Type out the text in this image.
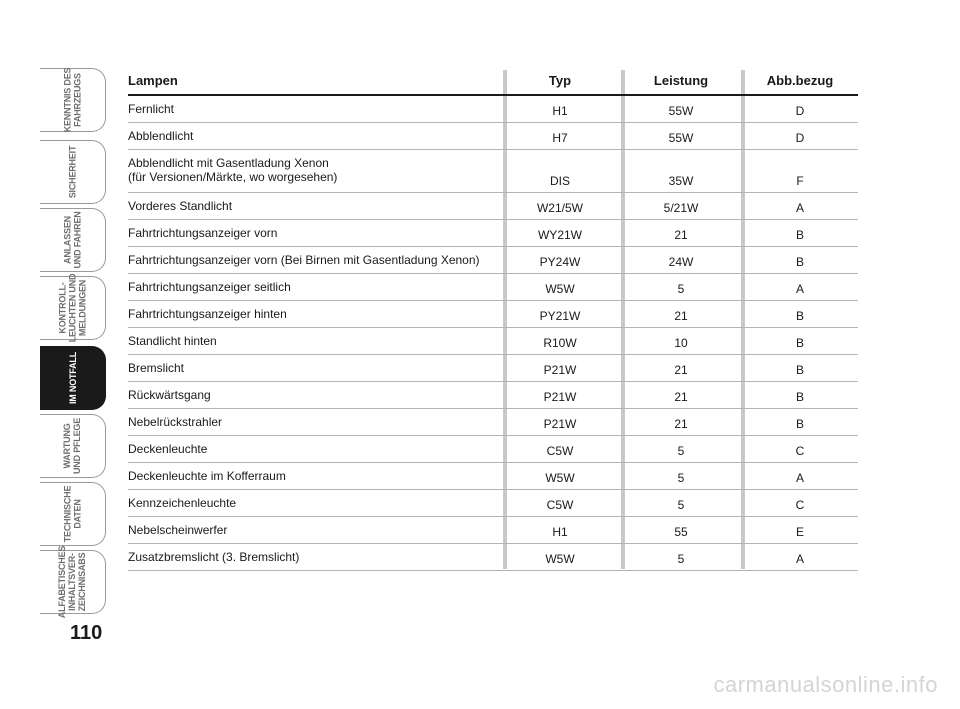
KENNTNIS DES
FAHRZEUGS
SICHERHEIT
ANLASSEN
UND FAHREN
KONTROLL-
LEUCHTEN UND
MELDUNGEN
IM NOTFALL
WARTUNG
UND PFLEGE
TECHNISCHE
DATEN
ALFABETISCHES
INHALTSVER-
ZEICHNISABS
Lampen	Typ	Leistung	Abb.bezug
Fernlicht	H1	55W	D
Abblendlicht	H7	55W	D
Abblendlicht mit Gasentladung Xenon
(für Versionen/Märkte, wo worgesehen)	DIS	35W	F
Vorderes Standlicht	W21/5W	5/21W	A
Fahrtrichtungsanzeiger vorn	WY21W	21	B
Fahrtrichtungsanzeiger vorn (Bei Birnen mit Gasentladung Xenon)	PY24W	24W	B
Fahrtrichtungsanzeiger seitlich	W5W	5	A
Fahrtrichtungsanzeiger hinten	PY21W	21	B
Standlicht hinten	R10W	10	B
Bremslicht	P21W	21	B
Rückwärtsgang	P21W	21	B
Nebelrückstrahler	P21W	21	B
Deckenleuchte	C5W	5	C
Deckenleuchte im Kofferraum	W5W	5	A
Kennzeichenleuchte	C5W	5	C
Nebelscheinwerfer	H1	55	E
Zusatzbremslicht (3. Bremslicht)	W5W	5	A
110
carmanualsonline.info
